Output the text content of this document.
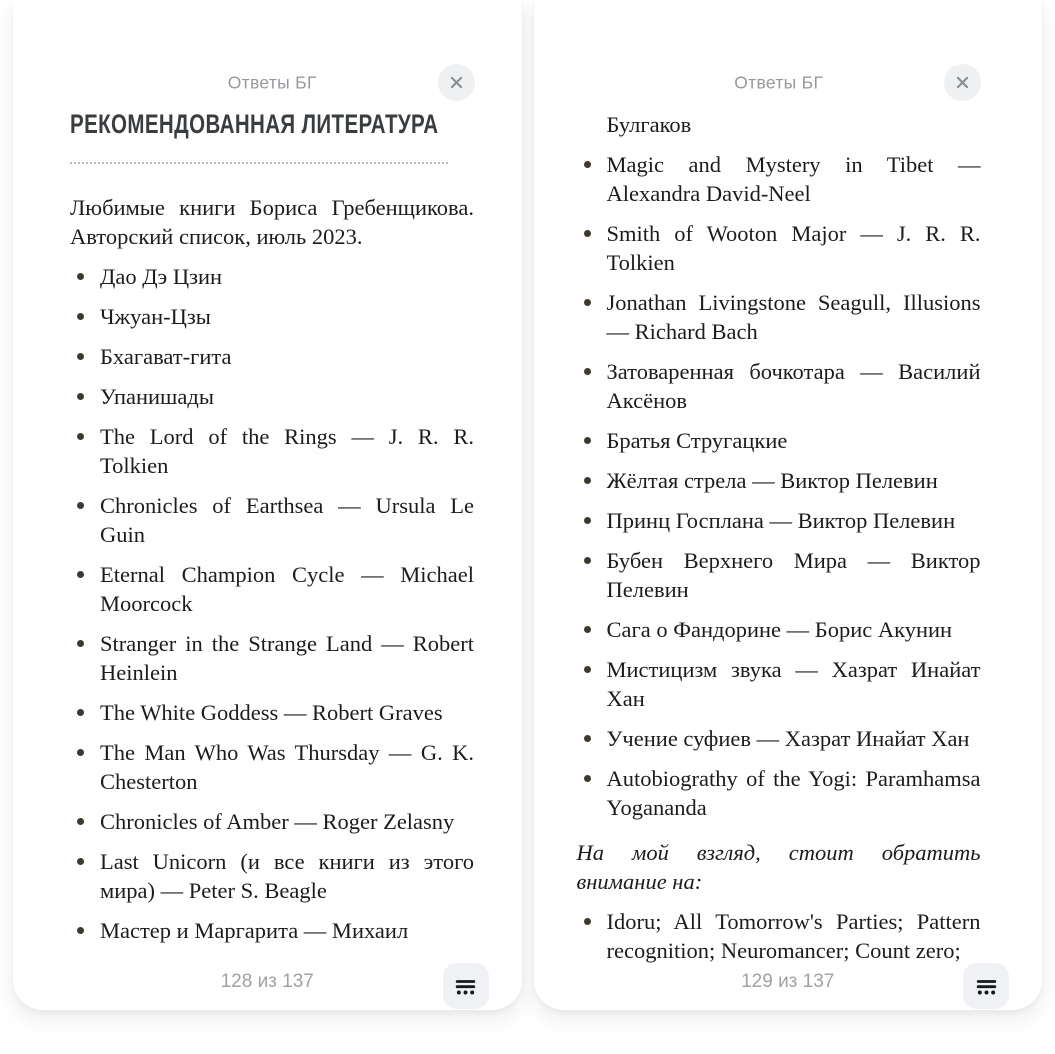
Ответы БГ
РЕКОМЕНДОВАННАЯ ЛИТЕРАТУРА

Любимые книги Бориса Гребенщикова. Авторский список, июль 2023.

Дао Дэ Цзин
Чжуан-Цзы
Бхагават-гита
Упанишады
The Lord of the Rings — J. R. R. Tolkien
Chronicles of Earthsea — Ursula Le Guin
Eternal Champion Cycle — Michael Moorcock
Stranger in the Strange Land — Robert Heinlein
The White Goddess — Robert Graves
The Man Who Was Thursday — G. K. Chesterton
Chronicles of Amber — Roger Zelasny
Last Unicorn (и все книги из этого мира) — Peter S. Beagle
Мастер и Маргарита — Михаил
128 из 137
Ответы БГ

Булгаков

Magic and Mystery in Tibet — Alexandra David-Neel
Smith of Wooton Major — J. R. R. Tolkien
Jonathan Livingstone Seagull, Illusions — Richard Bach
Затоваренная бочкотара — Василий Аксёнов
Братья Стругацкие
Жёлтая стрела — Виктор Пелевин
Принц Госплана — Виктор Пелевин
Бубен Верхнего Мира — Виктор Пелевин
Сага о Фандорине — Борис Акунин
Мистицизм звука — Хазрат Инайат Хан
Учение суфиев — Хазрат Инайат Хан
Autobiograthy of the Yogi: Paramhamsa Yogananda

На мой взгляд, стоит обратить внимание на:

Idoru; All Tomorrow's Parties; Pattern recognition; Neuromancer; Count zero;
129 из 137
